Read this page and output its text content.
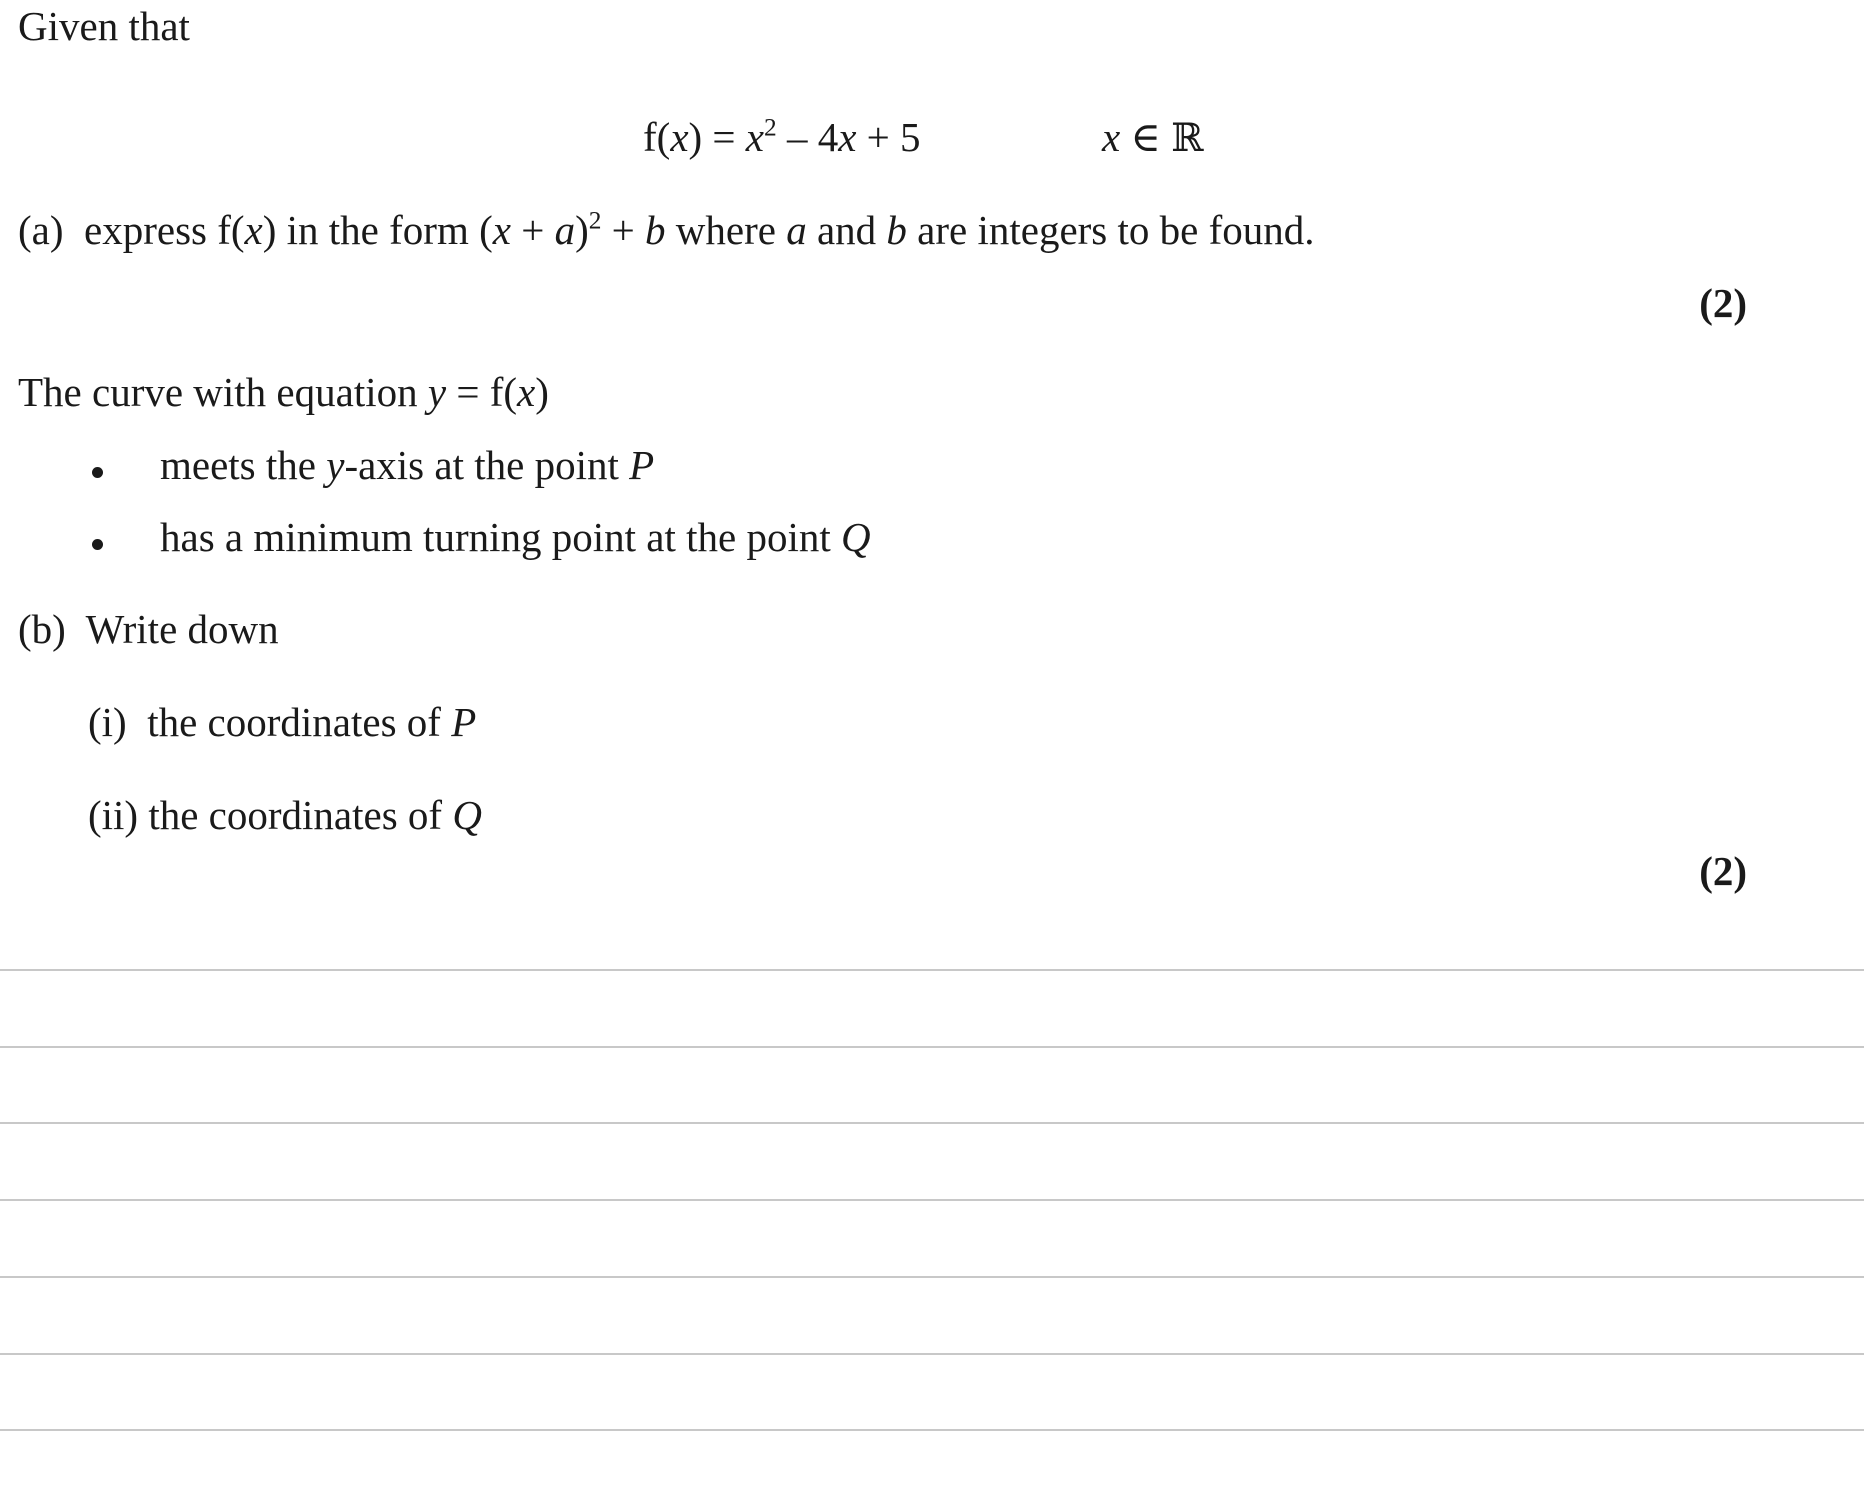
Given that
$f(x) = x^2 - 4x + 5$	x ∈ ℝ
(a) express f(x) in the form $(x + a)^2 + b$ where a and b are integers to be found.
(2)
The curve with equation y = f(x)
meets the y-axis at the point P
has a minimum turning point at the point Q
(b) Write down
(i) the coordinates of P
(ii) the coordinates of Q
(2)
